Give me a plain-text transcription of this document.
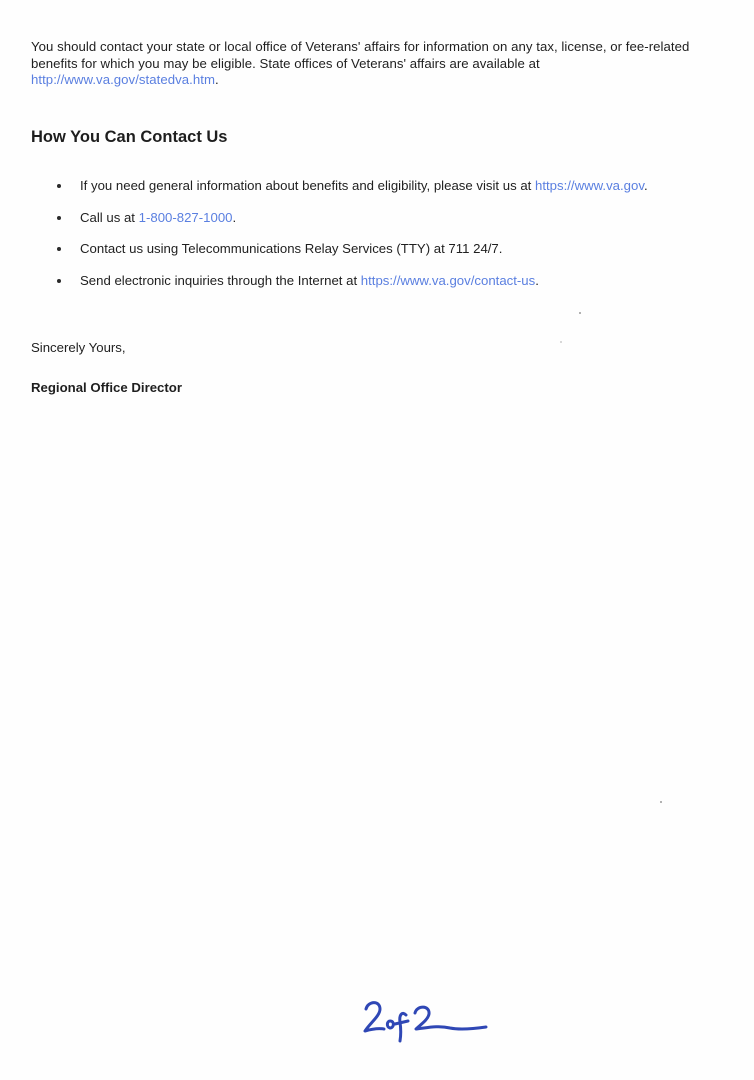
You should contact your state or local office of Veterans' affairs for information on any tax, license, or fee-related benefits for which you may be eligible. State offices of Veterans' affairs are available at http://www.va.gov/statedva.htm.

How You Can Contact Us
If you need general information about benefits and eligibility, please visit us at https://www.va.gov.
Call us at 1-800-827-1000.
Contact us using Telecommunications Relay Services (TTY) at 711 24/7.
Send electronic inquiries through the Internet at https://www.va.gov/contact-us.
Sincerely Yours,
Regional Office Director
